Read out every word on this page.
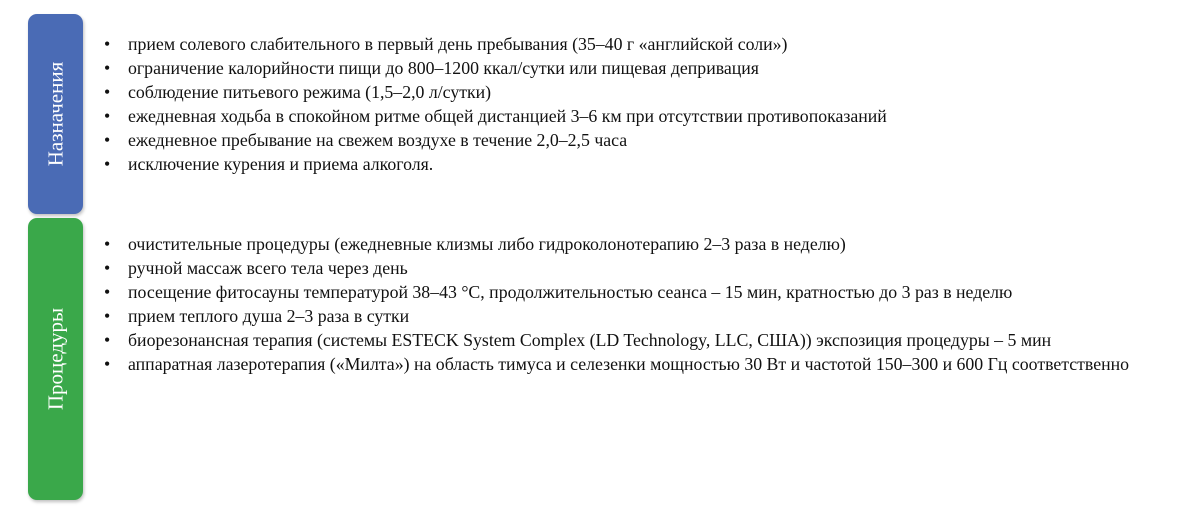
Назначения
• прием солевого слабительного в первый день пребывания (35–40 г «английской соли»)
• ограничение калорийности пищи до 800–1200 ккал/сутки или пищевая депривация
• соблюдение питьевого режима (1,5–2,0 л/сутки)
• ежедневная ходьба в спокойном ритме общей дистанцией 3–6 км при отсутствии противопоказаний
• ежедневное пребывание на свежем воздухе в течение 2,0–2,5 часа
• исключение курения и приема алкоголя.
Процедуры
• очистительные процедуры (ежедневные клизмы либо гидроколонотерапию 2–3 раза в неделю)
• ручной массаж всего тела через день
• посещение фитосауны температурой 38–43 °C, продолжительностью сеанса – 15 мин, кратностью до 3 раз в неделю
• прием теплого душа 2–3 раза в сутки
• биорезонансная терапия (системы ESTECK System Complex (LD Technology, LLC, США)) экспозиция процедуры – 5 мин
• аппаратная лазеротерапия («Милта») на область тимуса и селезенки мощностью 30 Вт и частотой 150–300 и 600 Гц соответственно
